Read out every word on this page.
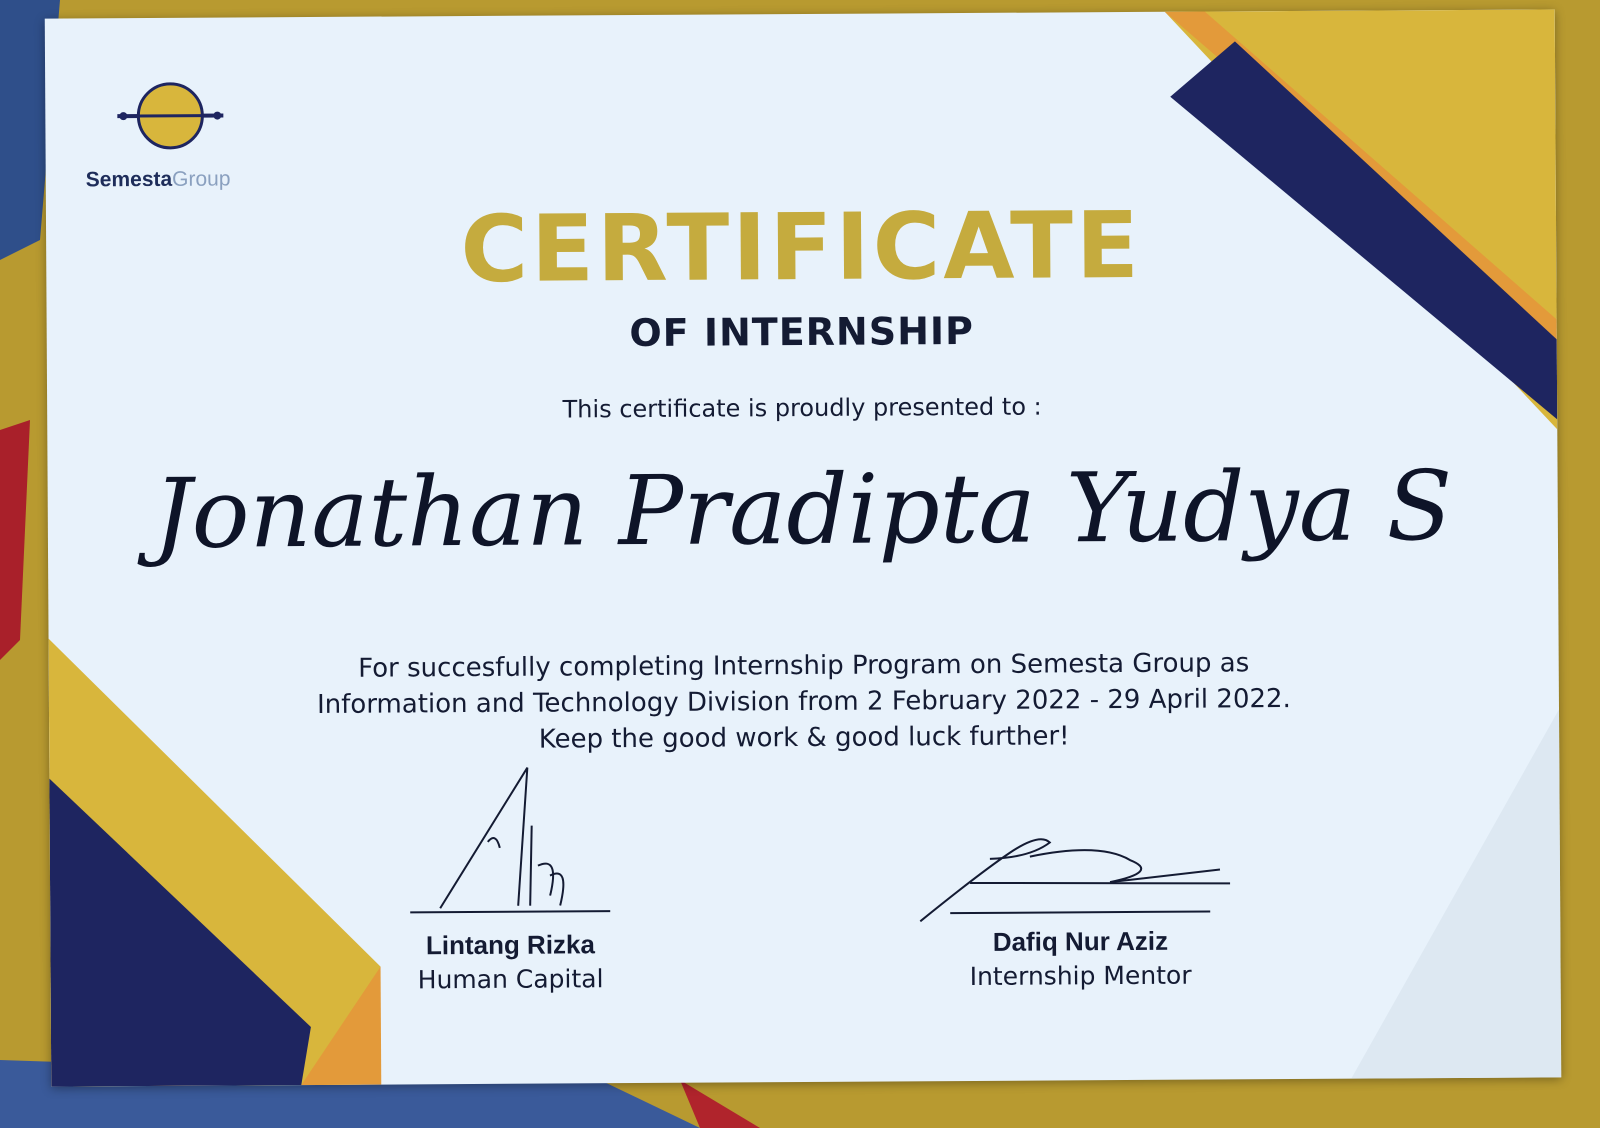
SemestaGroup
CERTIFICATE
OF INTERNSHIP
This certificate is proudly presented to :
Jonathan Pradipta Yudya S
For succesfully completing Internship Program on Semesta Group as
Information and Technology Division from 2 February 2022 - 29 April 2022.
Keep the good work & good luck further!
Lintang Rizka
Human Capital
Dafiq Nur Aziz
Internship Mentor
